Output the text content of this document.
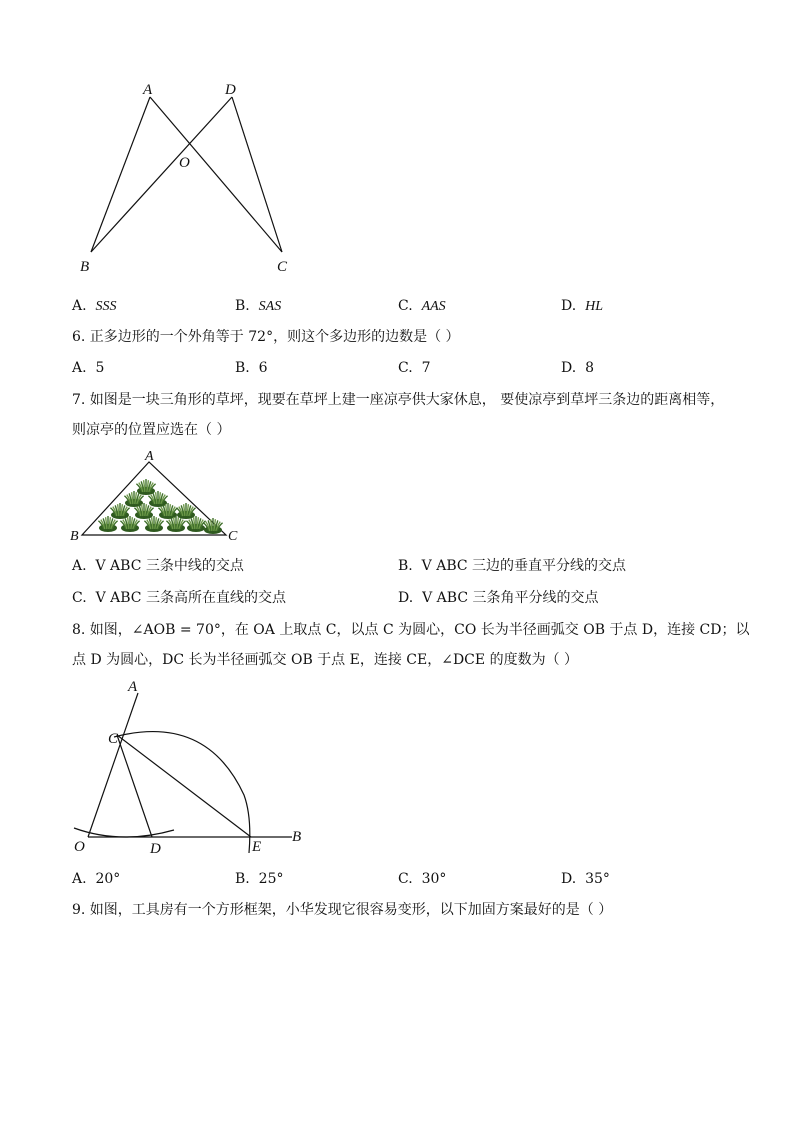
A	D
O
B	C
A. SSS	B. SAS	C. AAS	D. HL
6. 正多边形的一个外角等于 72°，则这个多边形的边数是（ ）
A. 5	B. 6	C. 7	D. 8
7. 如图是一块三角形的草坪，现要在草坪上建一座凉亭供大家休息， 要使凉亭到草坪三条边的距离相等，
则凉亭的位置应选在（ ）
A
B	C
A. V ABC 三条中线的交点	B. V ABC 三边的垂直平分线的交点
C. V ABC 三条高所在直线的交点	D. V ABC 三条角平分线的交点
8. 如图，∠AOB = 70°，在 OA 上取点 C，以点 C 为圆心，CO 长为半径画弧交 OB 于点 D，连接 CD；以
点 D 为圆心，DC 长为半径画弧交 OB 于点 E，连接 CE，∠DCE 的度数为（ ）
A
C
O	D	E
B
A. 20°	B. 25°	C. 30°	D. 35°
9. 如图，工具房有一个方形框架，小华发现它很容易变形，以下加固方案最好的是（ ）
